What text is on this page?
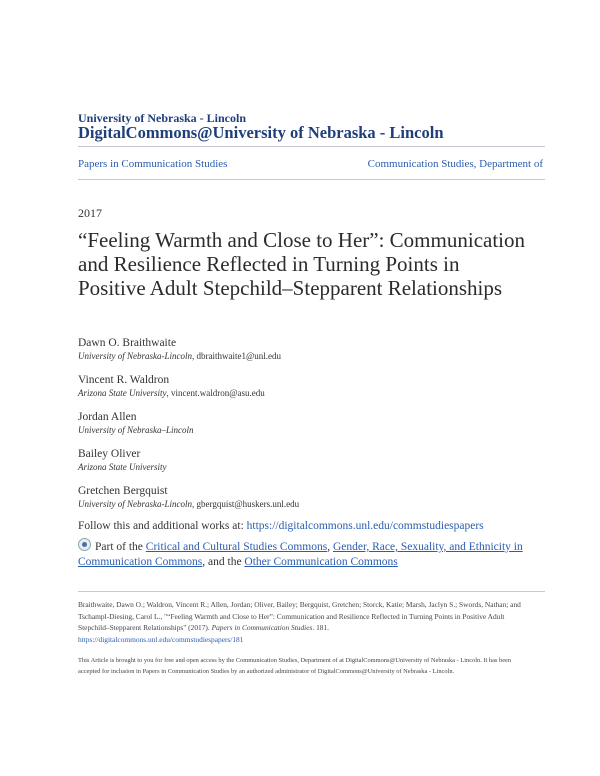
University of Nebraska - Lincoln
DigitalCommons@University of Nebraska - Lincoln
Papers in Communication Studies	Communication Studies, Department of
2017
“Feeling Warmth and Close to Her”: Communication and Resilience Reflected in Turning Points in Positive Adult Stepchild–Stepparent Relationships
Dawn O. Braithwaite
University of Nebraska-Lincoln, dbraithwaite1@unl.edu
Vincent R. Waldron
Arizona State University, vincent.waldron@asu.edu
Jordan Allen
University of Nebraska–Lincoln
Bailey Oliver
Arizona State University
Gretchen Bergquist
University of Nebraska-Lincoln, gbergquist@huskers.unl.edu
Follow this and additional works at: https://digitalcommons.unl.edu/commstudiespapers
Part of the Critical and Cultural Studies Commons, Gender, Race, Sexuality, and Ethnicity in Communication Commons, and the Other Communication Commons
Braithwaite, Dawn O.; Waldron, Vincent R.; Allen, Jordan; Oliver, Bailey; Bergquist, Gretchen; Storck, Katie; Marsh, Jaclyn S.; Swords, Nathan; and Tschampl-Diesing, Carol L., "“Feeling Warmth and Close to Her”: Communication and Resilience Reflected in Turning Points in Positive Adult Stepchild–Stepparent Relationships" (2017). Papers in Communication Studies. 181.
https://digitalcommons.unl.edu/commstudiespapers/181
This Article is brought to you for free and open access by the Communication Studies, Department of at DigitalCommons@University of Nebraska - Lincoln. It has been accepted for inclusion in Papers in Communication Studies by an authorized administrator of DigitalCommons@University of Nebraska - Lincoln.
